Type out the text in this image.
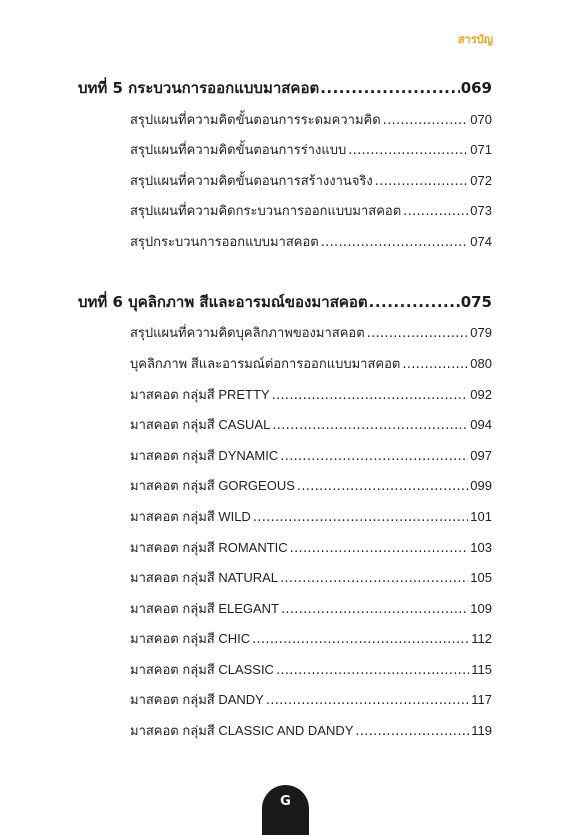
สารบัญ
บทที่ 5 กระบวนการออกแบบมาสคอต .....	069
สรุปแผนที่ความคิดขั้นตอนการระดมความคิด .....	070
สรุปแผนที่ความคิดขั้นตอนการร่างแบบ .....	071
สรุปแผนที่ความคิดขั้นตอนการสร้างงานจริง .....	072
สรุปแผนที่ความคิดกระบวนการออกแบบมาสคอต .....	073
สรุปกระบวนการออกแบบมาสคอต .....	074
บทที่ 6 บุคลิกภาพ สีและอารมณ์ของมาสคอต .....	075
สรุปแผนที่ความคิดบุคลิกภาพของมาสคอต .....	079
บุคลิกภาพ สีและอารมณ์ต่อการออกแบบมาสคอต .....	080
มาสคอต กลุ่มสี PRETTY .....	092
มาสคอต กลุ่มสี CASUAL .....	094
มาสคอต กลุ่มสี DYNAMIC .....	097
มาสคอต กลุ่มสี GORGEOUS .....	099
มาสคอต กลุ่มสี WILD .....	101
มาสคอต กลุ่มสี ROMANTIC .....	103
มาสคอต กลุ่มสี NATURAL .....	105
มาสคอต กลุ่มสี ELEGANT .....	109
มาสคอต กลุ่มสี CHIC .....	112
มาสคอต กลุ่มสี CLASSIC .....	115
มาสคอต กลุ่มสี DANDY .....	117
มาสคอต กลุ่มสี CLASSIC AND DANDY .....	119
G
